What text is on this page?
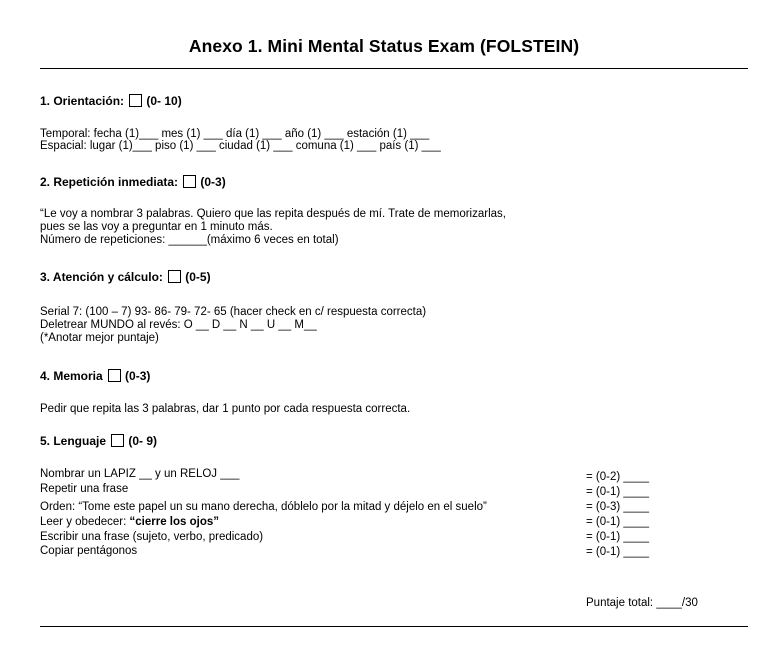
Anexo 1. Mini Mental Status Exam (FOLSTEIN)
1. Orientación: (0- 10)
Temporal: fecha (1)___ mes (1) ___ día (1) ___ año (1) ___ estación (1) ___
Espacial: lugar (1)___ piso (1) ___ ciudad (1) ___ comuna (1) ___ país (1) ___
2. Repetición inmediata: (0-3)
“Le voy a nombrar 3 palabras. Quiero que las repita después de mí. Trate de memorizarlas,
pues se las voy a preguntar en 1 minuto más.
Número de repeticiones: ______(máximo 6 veces en total)
3. Atención y cálculo: (0-5)
Serial 7: (100 – 7) 93- 86- 79- 72- 65 (hacer check en c/ respuesta correcta)
Deletrear MUNDO al revés: O __ D __ N __ U __ M__
(*Anotar mejor puntaje)
4. Memoria (0-3)
Pedir que repita las 3 palabras, dar 1 punto por cada respuesta correcta.
5. Lenguaje (0- 9)
Nombrar un LAPIZ __ y un RELOJ ___	= (0-2) ____
Repetir una frase	= (0-1) ____
Orden: “Tome este papel un su mano derecha, dóblelo por la mitad y déjelo en el suelo”	= (0-3) ____
Leer y obedecer: “cierre los ojos”	= (0-1) ____
Escribir una frase (sujeto, verbo, predicado)	= (0-1) ____
Copiar pentágonos	= (0-1) ____
Puntaje total: ____/30
